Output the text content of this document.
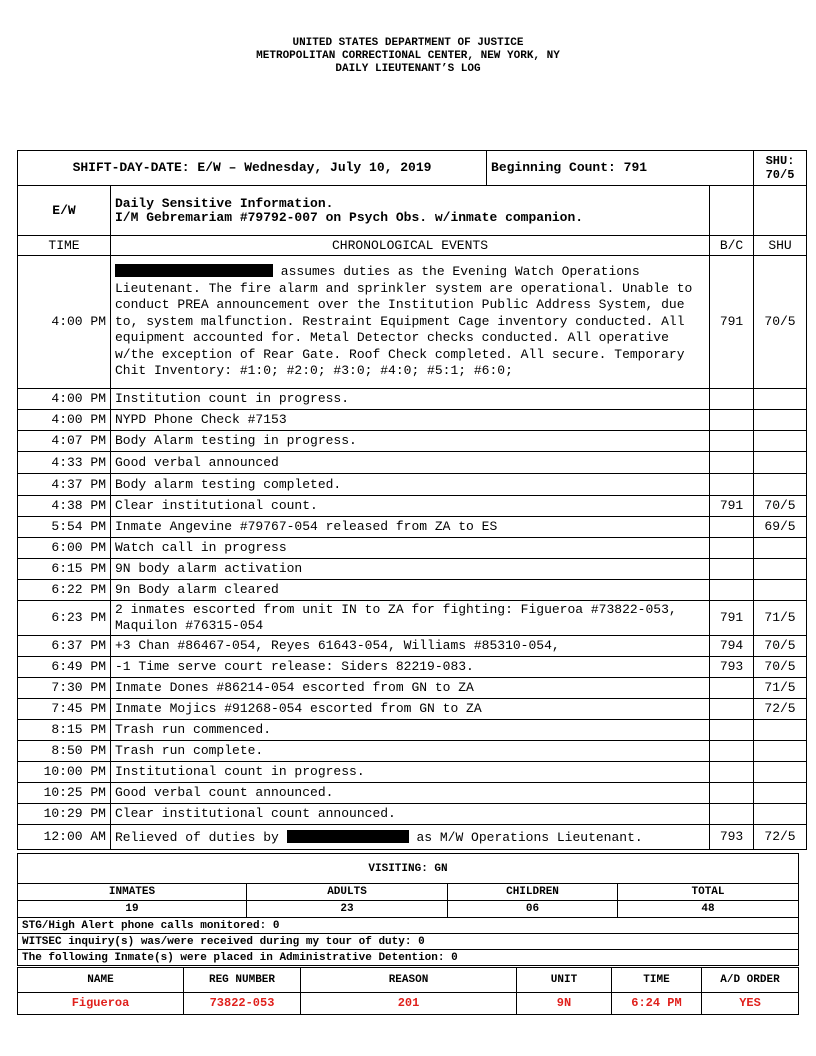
UNITED STATES DEPARTMENT OF JUSTICE
METROPOLITAN CORRECTIONAL CENTER, NEW YORK, NY
DAILY LIEUTENANT’S LOG
SHIFT-DAY-DATE: E/W – Wednesday, July 10, 2019		Beginning Count: 791		SHU:
70/5

E/W	Daily Sensitive Information.
I/M Gebremariam #79792-007 on Psych Obs. w/inmate companion.			

TIME	CHRONOLOGICAL EVENTS		B/C	SHU
4:00 PM	assumes duties as the Evening Watch Operations Lieutenant. The fire alarm and sprinkler system are operational. Unable to conduct PREA announcement over the Institution Public Address System, due to, system malfunction. Restraint Equipment Cage inventory conducted. All equipment accounted for. Metal Detector checks conducted. All operative w/the exception of Rear Gate. Roof Check completed. All secure. Temporary Chit Inventory: #1:0; #2:0; #3:0; #4:0; #5:1; #6:0;		791	70/5
4:00 PM	Institution count in progress.			
4:00 PM	NYPD Phone Check #7153			
4:07 PM	Body Alarm testing in progress.			
4:33 PM	Good verbal announced			
4:37 PM	Body alarm testing completed.			
4:38 PM	Clear institutional count.		791	70/5
5:54 PM	Inmate Angevine #79767-054 released from ZA to ES			69/5
6:00 PM	Watch call in progress			
6:15 PM	9N body alarm activation			
6:22 PM	9n Body alarm cleared			
6:23 PM	2 inmates escorted from unit IN to ZA for fighting: Figueroa #73822-053, Maquilon #76315-054		791	71/5
6:37 PM	+3 Chan #86467-054, Reyes 61643-054, Williams #85310-054,		794	70/5
6:49 PM	-1 Time serve court release: Siders 82219-083.		793	70/5
7:30 PM	Inmate Dones #86214-054 escorted from GN to ZA			71/5
7:45 PM	Inmate Mojics #91268-054 escorted from GN to ZA			72/5
8:15 PM	Trash run commenced.			
8:50 PM	Trash run complete.			
10:00 PM	Institutional count in progress.			
10:25 PM	Good verbal count announced.			
10:29 PM	Clear institutional count announced.			
12:00 AM	Relieved of duties by as M/W Operations Lieutenant.		793	72/5
VISITING: GN			
INMATES	ADULTS	CHILDREN	TOTAL
19	23	06	48
STG/High Alert phone calls monitored: 0			
WITSEC inquiry(s) was/were received during my tour of duty: 0			
The following Inmate(s) were placed in Administrative Detention: 0			
NAME	REG NUMBER	REASON	UNIT	TIME	A/D ORDER
Figueroa	73822-053	201	9N	6:24 PM	YES
